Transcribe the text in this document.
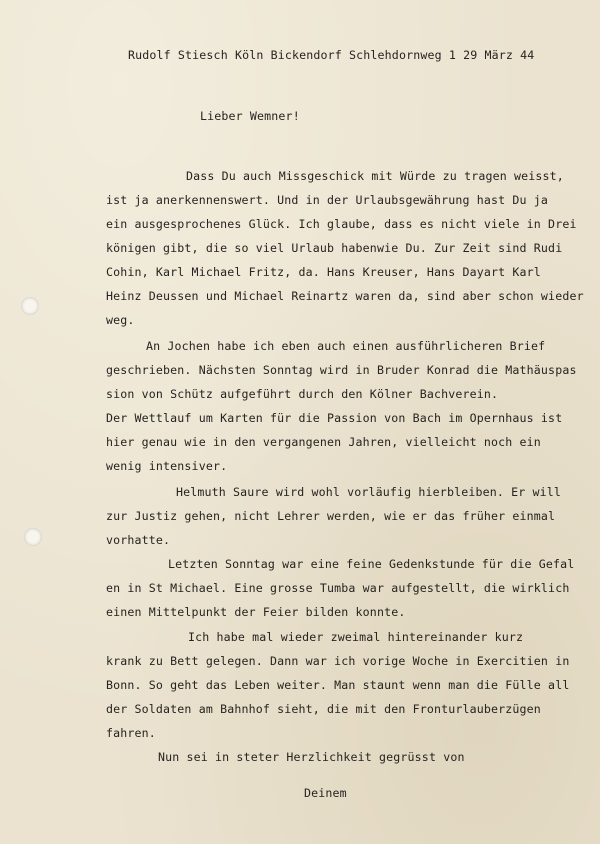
Rudolf Stiesch Köln Bickendorf Schlehdornweg 1 29 März 44
Lieber Wemner!
Dass Du auch Missgeschick mit Würde zu tragen weisst,
ist ja anerkennenswert. Und in der Urlaubsgewährung hast Du ja
ein ausgesprochenes Glück. Ich glaube, dass es nicht viele in Drei
königen gibt, die so viel Urlaub habenwie Du. Zur Zeit sind Rudi
Cohin, Karl Michael Fritz, da. Hans Kreuser, Hans Dayart Karl
Heinz Deussen und Michael Reinartz waren da, sind aber schon wieder
weg.
An Jochen habe ich eben auch einen ausführlicheren Brief
geschrieben. Nächsten Sonntag wird in Bruder Konrad die Mathäuspas
sion von Schütz aufgeführt durch den Kölner Bachverein.
Der Wettlauf um Karten für die Passion von Bach im Opernhaus ist
hier genau wie in den vergangenen Jahren, vielleicht noch ein
wenig intensiver.
Helmuth Saure wird wohl vorläufig hierbleiben. Er will
zur Justiz gehen, nicht Lehrer werden, wie er das früher einmal
vorhatte.
Letzten Sonntag war eine feine Gedenkstunde für die Gefal
en in St Michael. Eine grosse Tumba war aufgestellt, die wirklich
einen Mittelpunkt der Feier bilden konnte.
Ich habe mal wieder zweimal hintereinander kurz
krank zu Bett gelegen. Dann war ich vorige Woche in Exercitien in
Bonn. So geht das Leben weiter. Man staunt wenn man die Fülle all
der Soldaten am Bahnhof sieht, die mit den Fronturlauberzügen
fahren.
Nun sei in steter Herzlichkeit gegrüsst von
Deinem
